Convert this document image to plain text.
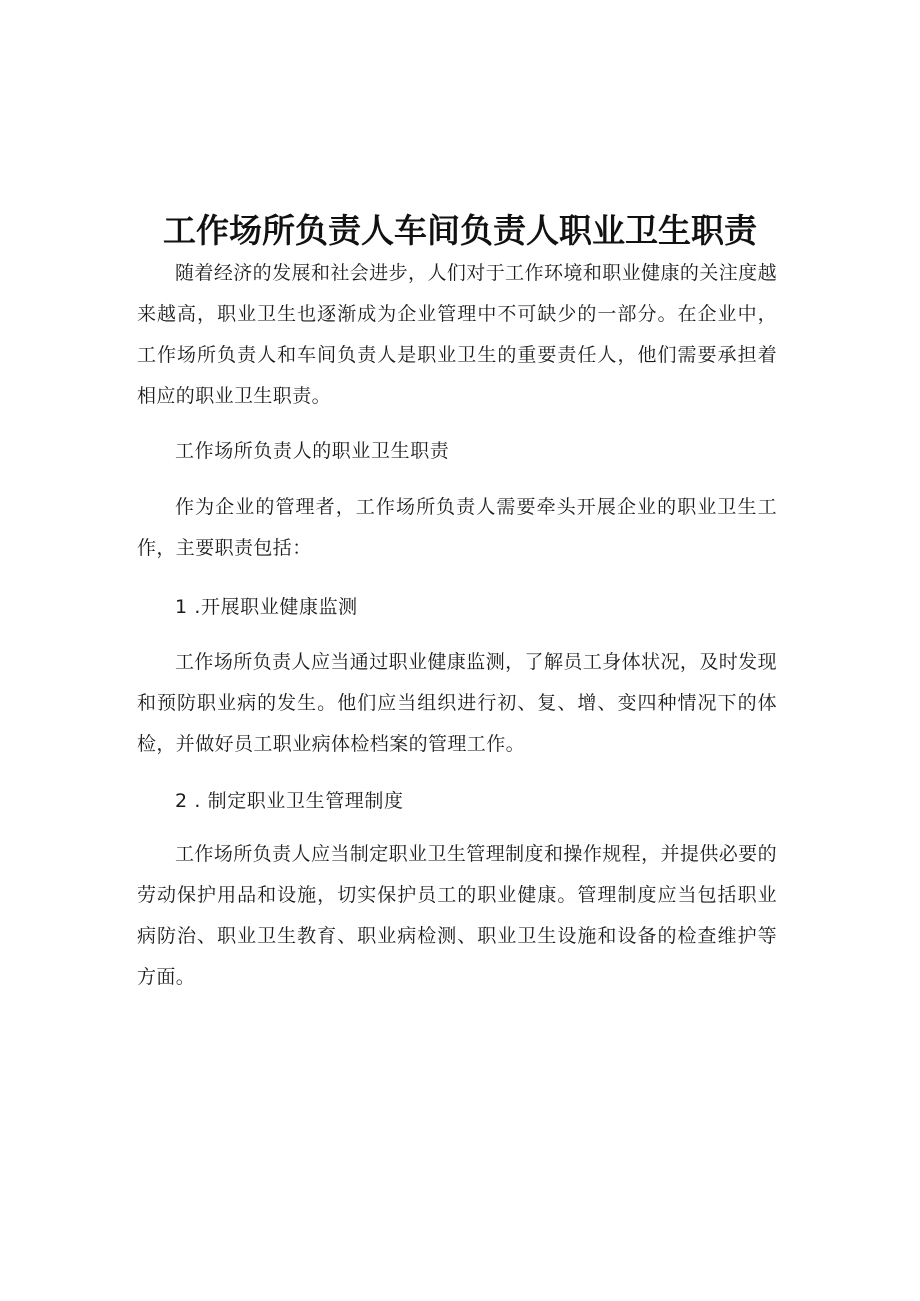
工作场所负责人车间负责人职业卫生职责

随着经济的发展和社会进步，人们对于工作环境和职业健康的关注度越来越高，职业卫生也逐渐成为企业管理中不可缺少的一部分。在企业中，工作场所负责人和车间负责人是职业卫生的重要责任人，他们需要承担着相应的职业卫生职责。

工作场所负责人的职业卫生职责

作为企业的管理者，工作场所负责人需要牵头开展企业的职业卫生工作，主要职责包括：

1 .开展职业健康监测

工作场所负责人应当通过职业健康监测，了解员工身体状况，及时发现和预防职业病的发生。他们应当组织进行初、复、增、变四种情况下的体检，并做好员工职业病体检档案的管理工作。

2 . 制定职业卫生管理制度

工作场所负责人应当制定职业卫生管理制度和操作规程，并提供必要的劳动保护用品和设施，切实保护员工的职业健康。管理制度应当包括职业病防治、职业卫生教育、职业病检测、职业卫生设施和设备的检查维护等方面。
